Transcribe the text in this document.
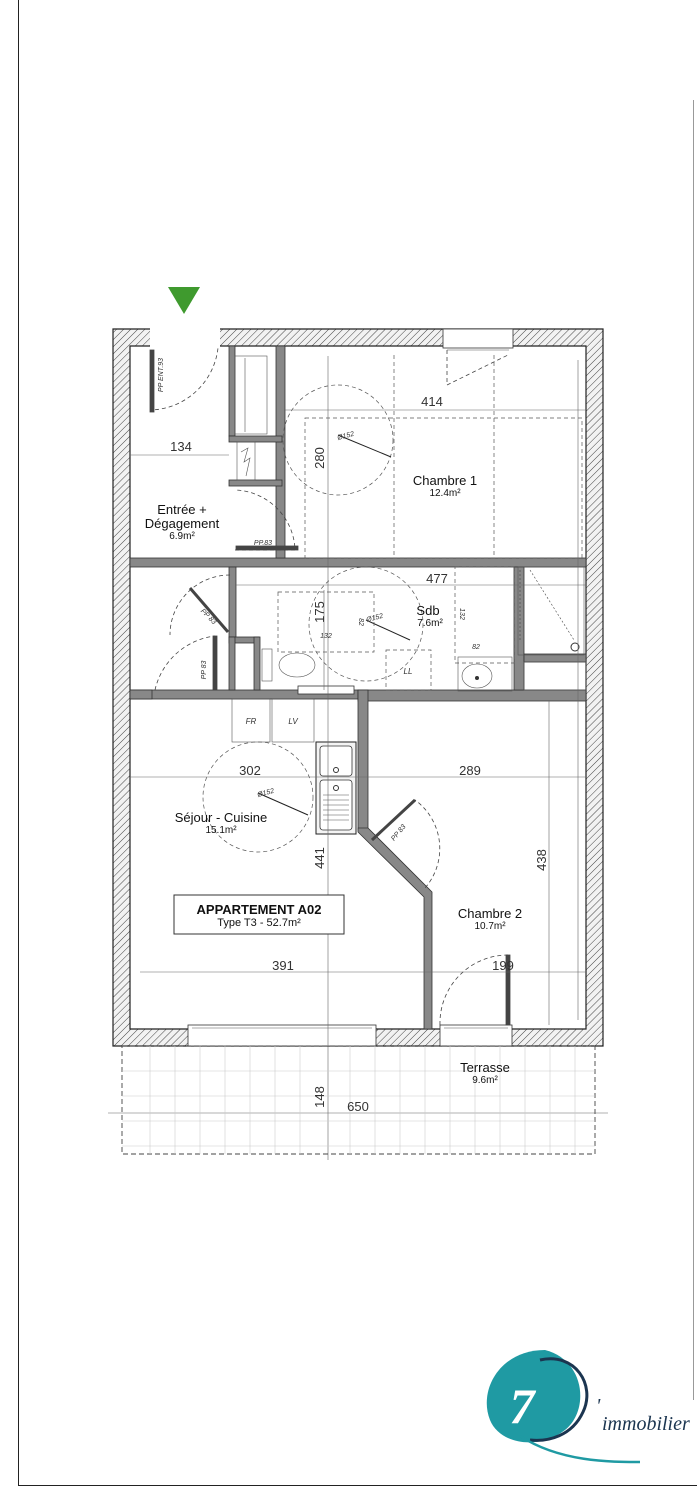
Entrée +
Dégagement
6.9m²
Chambre 1
12.4m²
Sdb
7.6m²
Séjour - Cuisine
15.1m²
Chambre 2
10.7m²
Terrasse
9.6m²
APPARTEMENT A02
Type T3 - 52.7m²
134
414
477
302	289
391	199
650
280
175
441	438
148
132
82
132
82
Ø152
Ø152
Ø152
FR	LV
LL
PP ENT.93
PP.83
PP 83
PP 83
PP 83
7	'
immobilier
